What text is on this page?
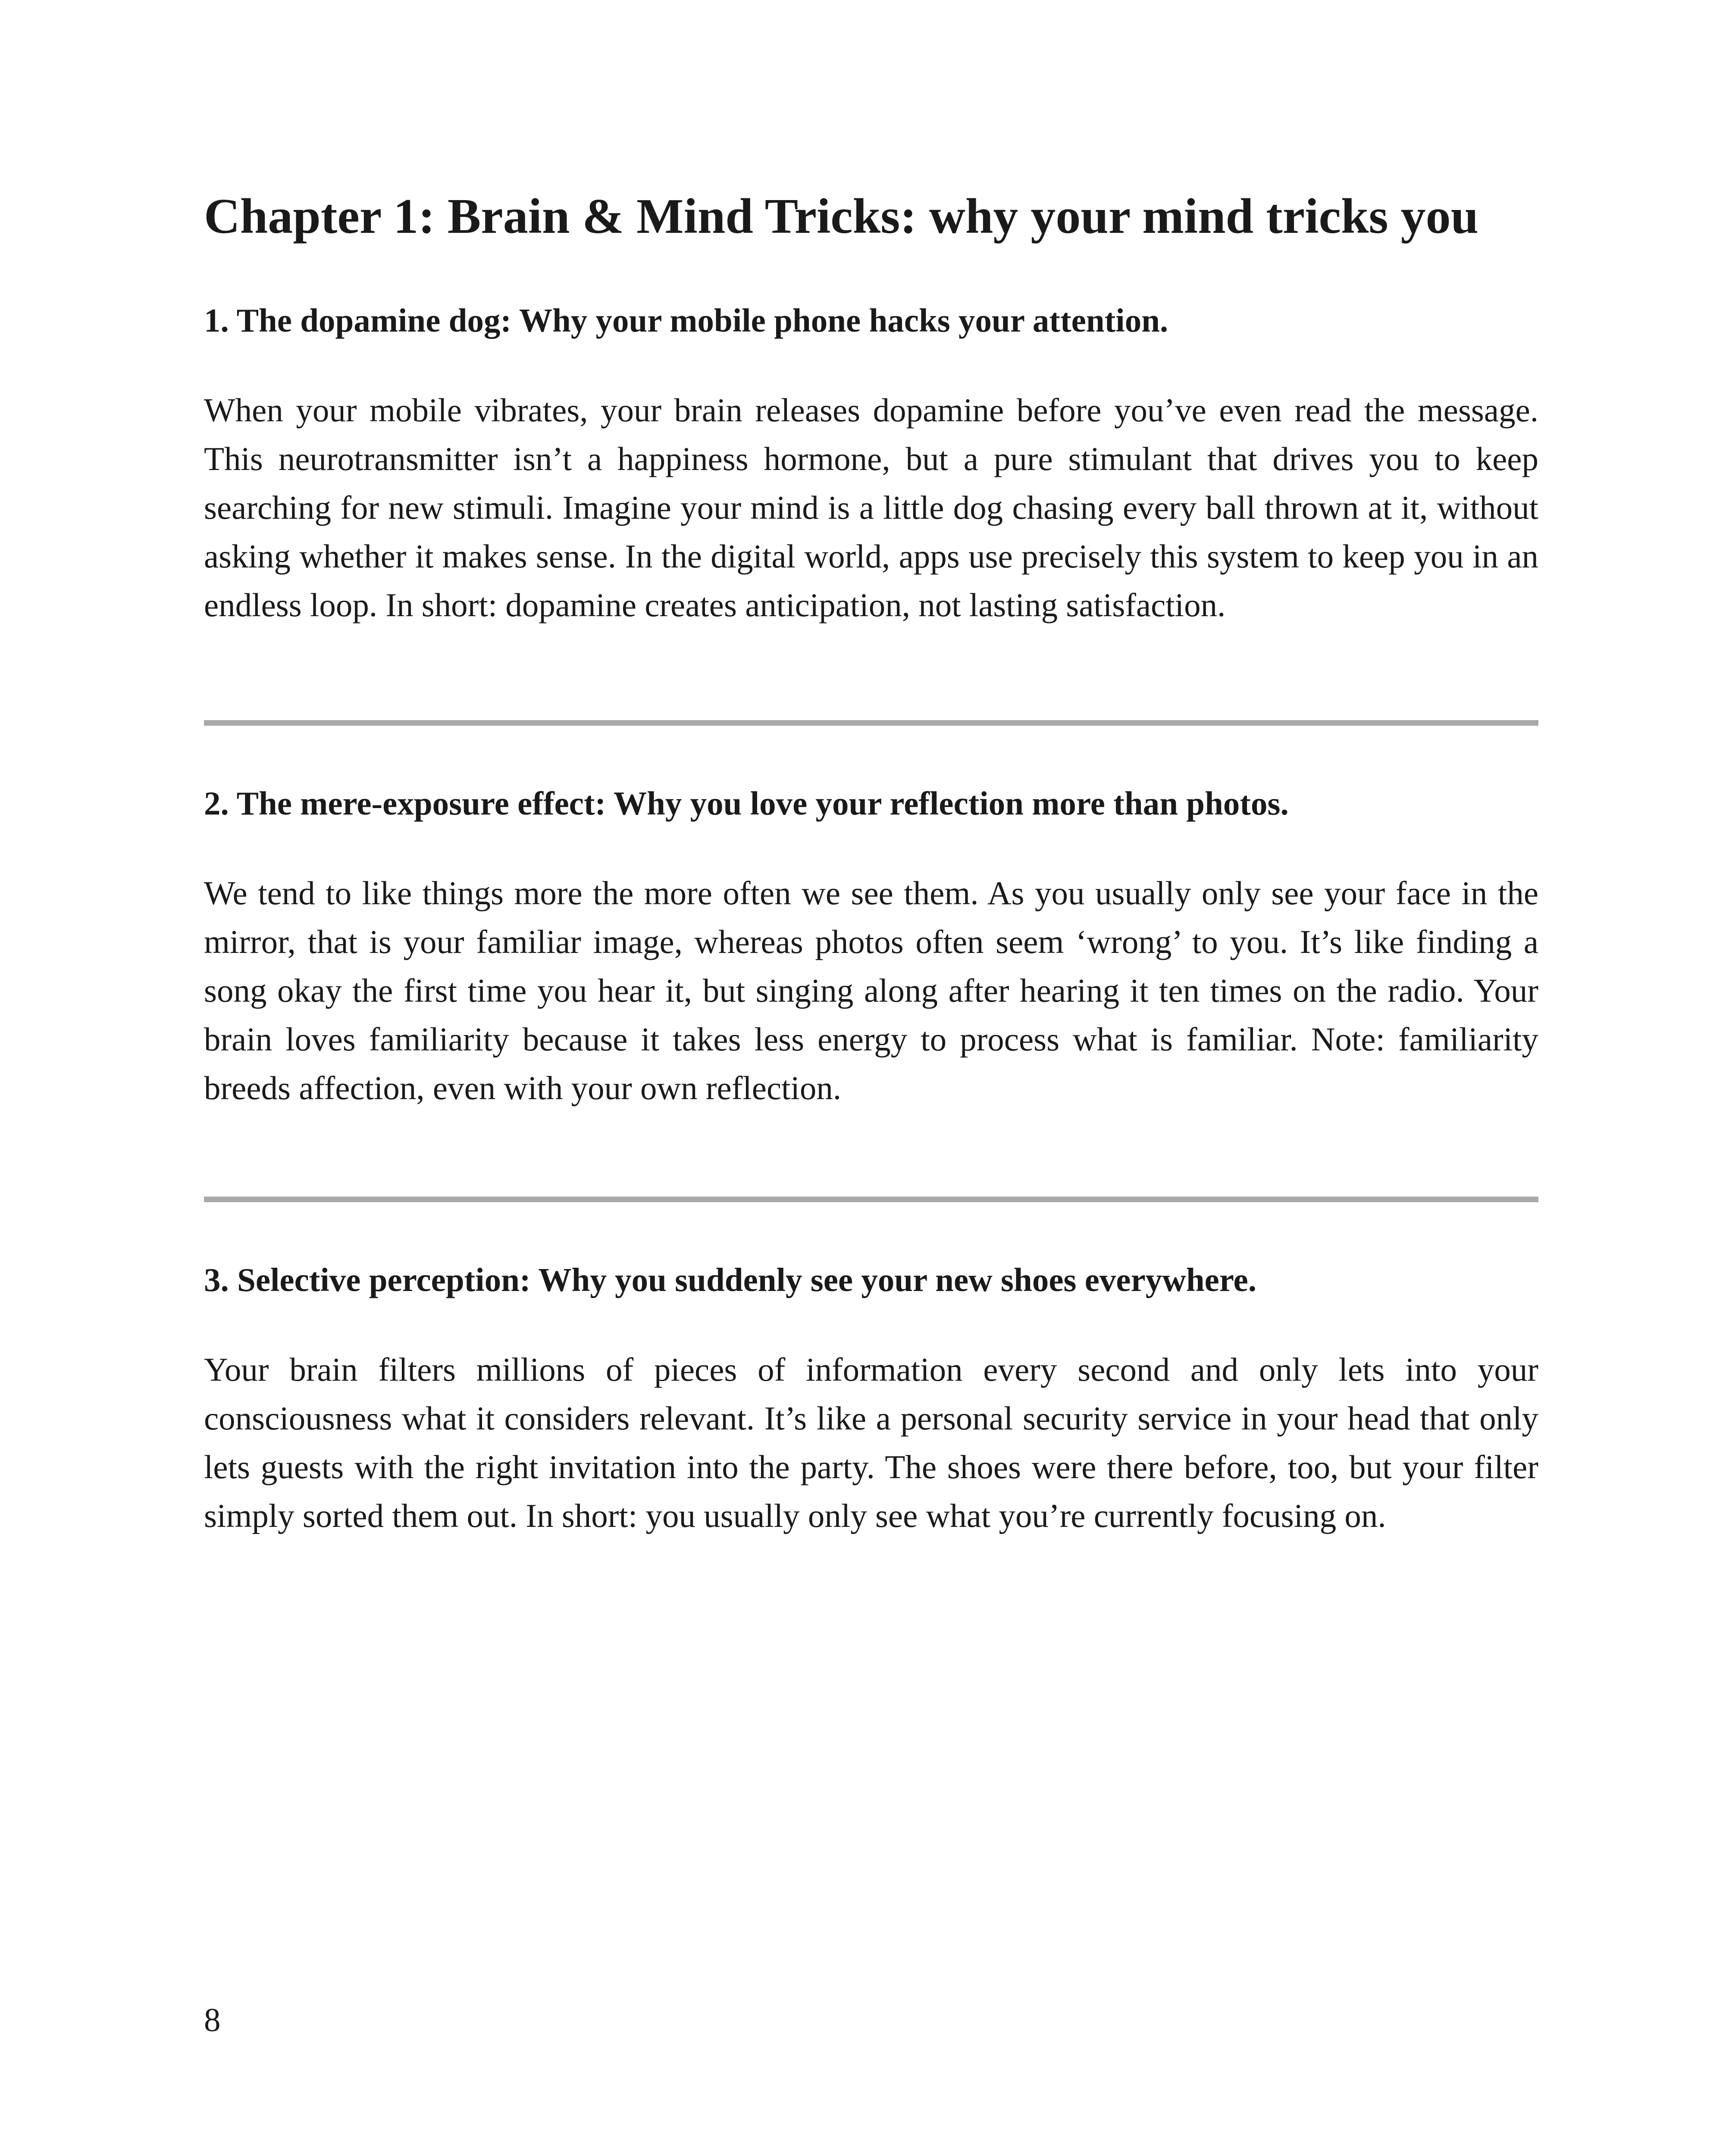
Chapter 1: Brain & Mind Tricks: why your mind tricks you
1. The dopamine dog: Why your mobile phone hacks your attention.

When your mobile vibrates, your brain releases dopamine before you’ve even read the message. This neurotransmitter isn’t a happiness hormone, but a pure stimulant that drives you to keep searching for new stimuli. Imagine your mind is a little dog chasing every ball thrown at it, without asking whether it makes sense. In the digital world, apps use precisely this system to keep you in an endless loop. In short: dopamine creates anticipation, not lasting satisfaction.

2. The mere-exposure effect: Why you love your reflection more than photos.

We tend to like things more the more often we see them. As you usually only see your face in the mirror, that is your familiar image, whereas photos often seem ‘wrong’ to you. It’s like finding a song okay the first time you hear it, but singing along after hearing it ten times on the radio. Your brain loves familiarity because it takes less energy to process what is familiar. Note: familiarity breeds affection, even with your own reflection.

3. Selective perception: Why you suddenly see your new shoes everywhere.

Your brain filters millions of pieces of information every second and only lets into your consciousness what it considers relevant. It’s like a personal security service in your head that only lets guests with the right invitation into the party. The shoes were there before, too, but your filter simply sorted them out. In short: you usually only see what you’re currently focusing on.

8
